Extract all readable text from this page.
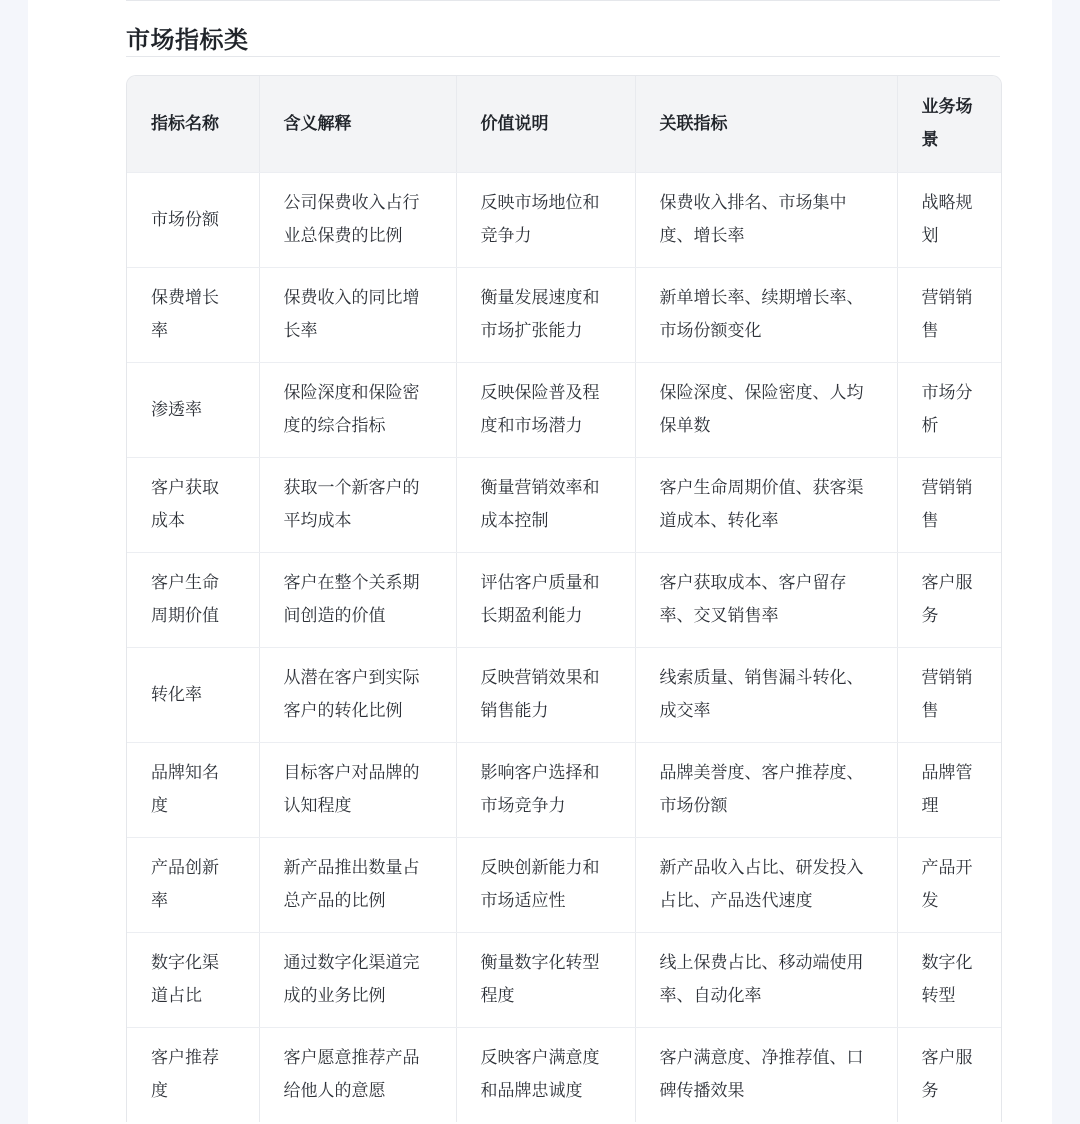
市场指标类
指标名称	含义解释	价值说明	关联指标	业务场景
市场份额	公司保费收入占行业总保费的比例	反映市场地位和竞争力	保费收入排名、市场集中度、增长率	战略规划
保费增长率	保费收入的同比增长率	衡量发展速度和市场扩张能力	新单增长率、续期增长率、市场份额变化	营销销售
渗透率	保险深度和保险密度的综合指标	反映保险普及程度和市场潜力	保险深度、保险密度、人均保单数	市场分析
客户获取成本	获取一个新客户的平均成本	衡量营销效率和成本控制	客户生命周期价值、获客渠道成本、转化率	营销销售
客户生命周期价值	客户在整个关系期间创造的价值	评估客户质量和长期盈利能力	客户获取成本、客户留存率、交叉销售率	客户服务
转化率	从潜在客户到实际客户的转化比例	反映营销效果和销售能力	线索质量、销售漏斗转化、成交率	营销销售
品牌知名度	目标客户对品牌的认知程度	影响客户选择和市场竞争力	品牌美誉度、客户推荐度、市场份额	品牌管理
产品创新率	新产品推出数量占总产品的比例	反映创新能力和市场适应性	新产品收入占比、研发投入占比、产品迭代速度	产品开发
数字化渠道占比	通过数字化渠道完成的业务比例	衡量数字化转型程度	线上保费占比、移动端使用率、自动化率	数字化转型
客户推荐度	客户愿意推荐产品给他人的意愿	反映客户满意度和品牌忠诚度	客户满意度、净推荐值、口碑传播效果	客户服务
